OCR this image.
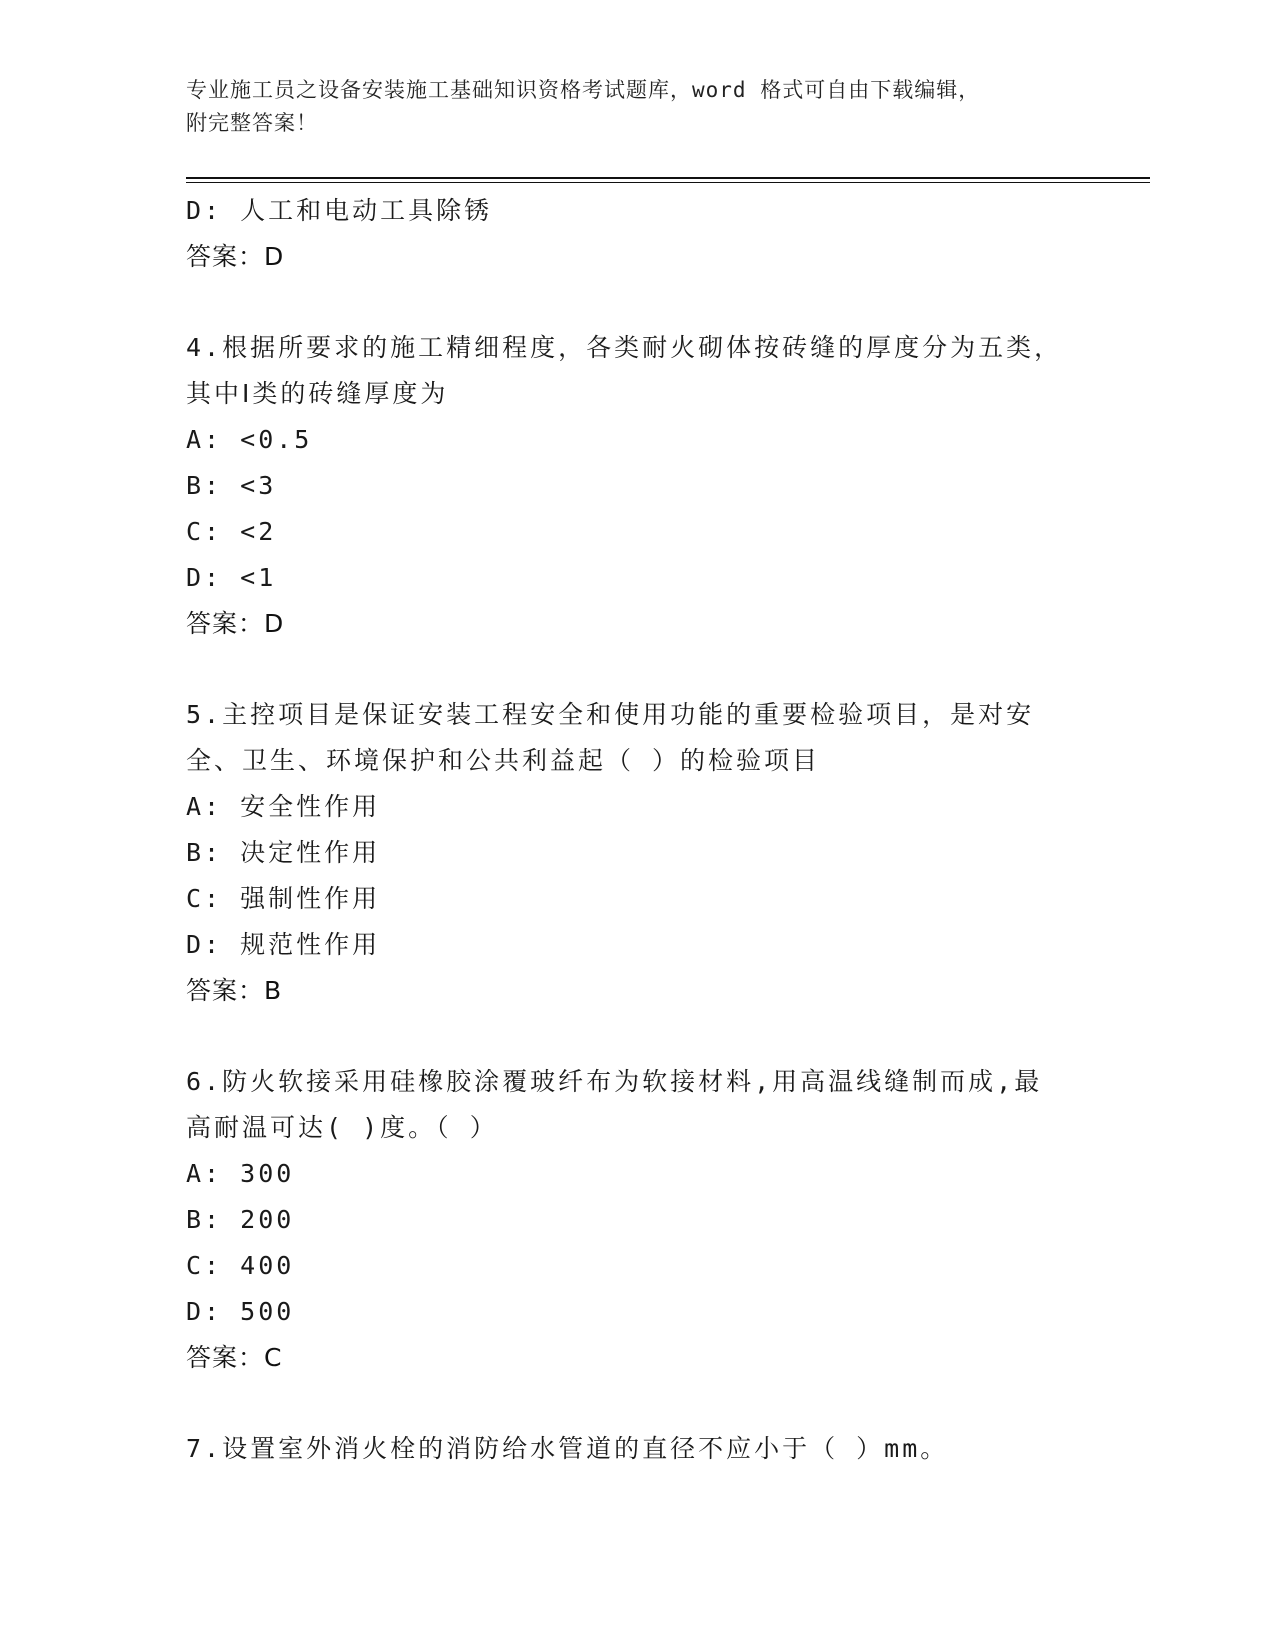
专业施工员之设备安装施工基础知识资格考试题库，word 格式可自由下载编辑，
附完整答案！
D: 人工和电动工具除锈
答案：D
4.根据所要求的施工精细程度，各类耐火砌体按砖缝的厚度分为五类，其中Ⅰ类的砖缝厚度为
A: <0.5
B: <3
C: <2
D: <1
答案：D
5.主控项目是保证安装工程安全和使用功能的重要检验项目，是对安全、卫生、环境保护和公共利益起（ ）的检验项目
A: 安全性作用
B: 决定性作用
C: 强制性作用
D: 规范性作用
答案：B
6.防火软接采用硅橡胶涂覆玻纤布为软接材料,用高温线缝制而成,最高耐温可达( )度。（ ）
A: 300
B: 200
C: 400
D: 500
答案：C
7.设置室外消火栓的消防给水管道的直径不应小于（ ）mm。
